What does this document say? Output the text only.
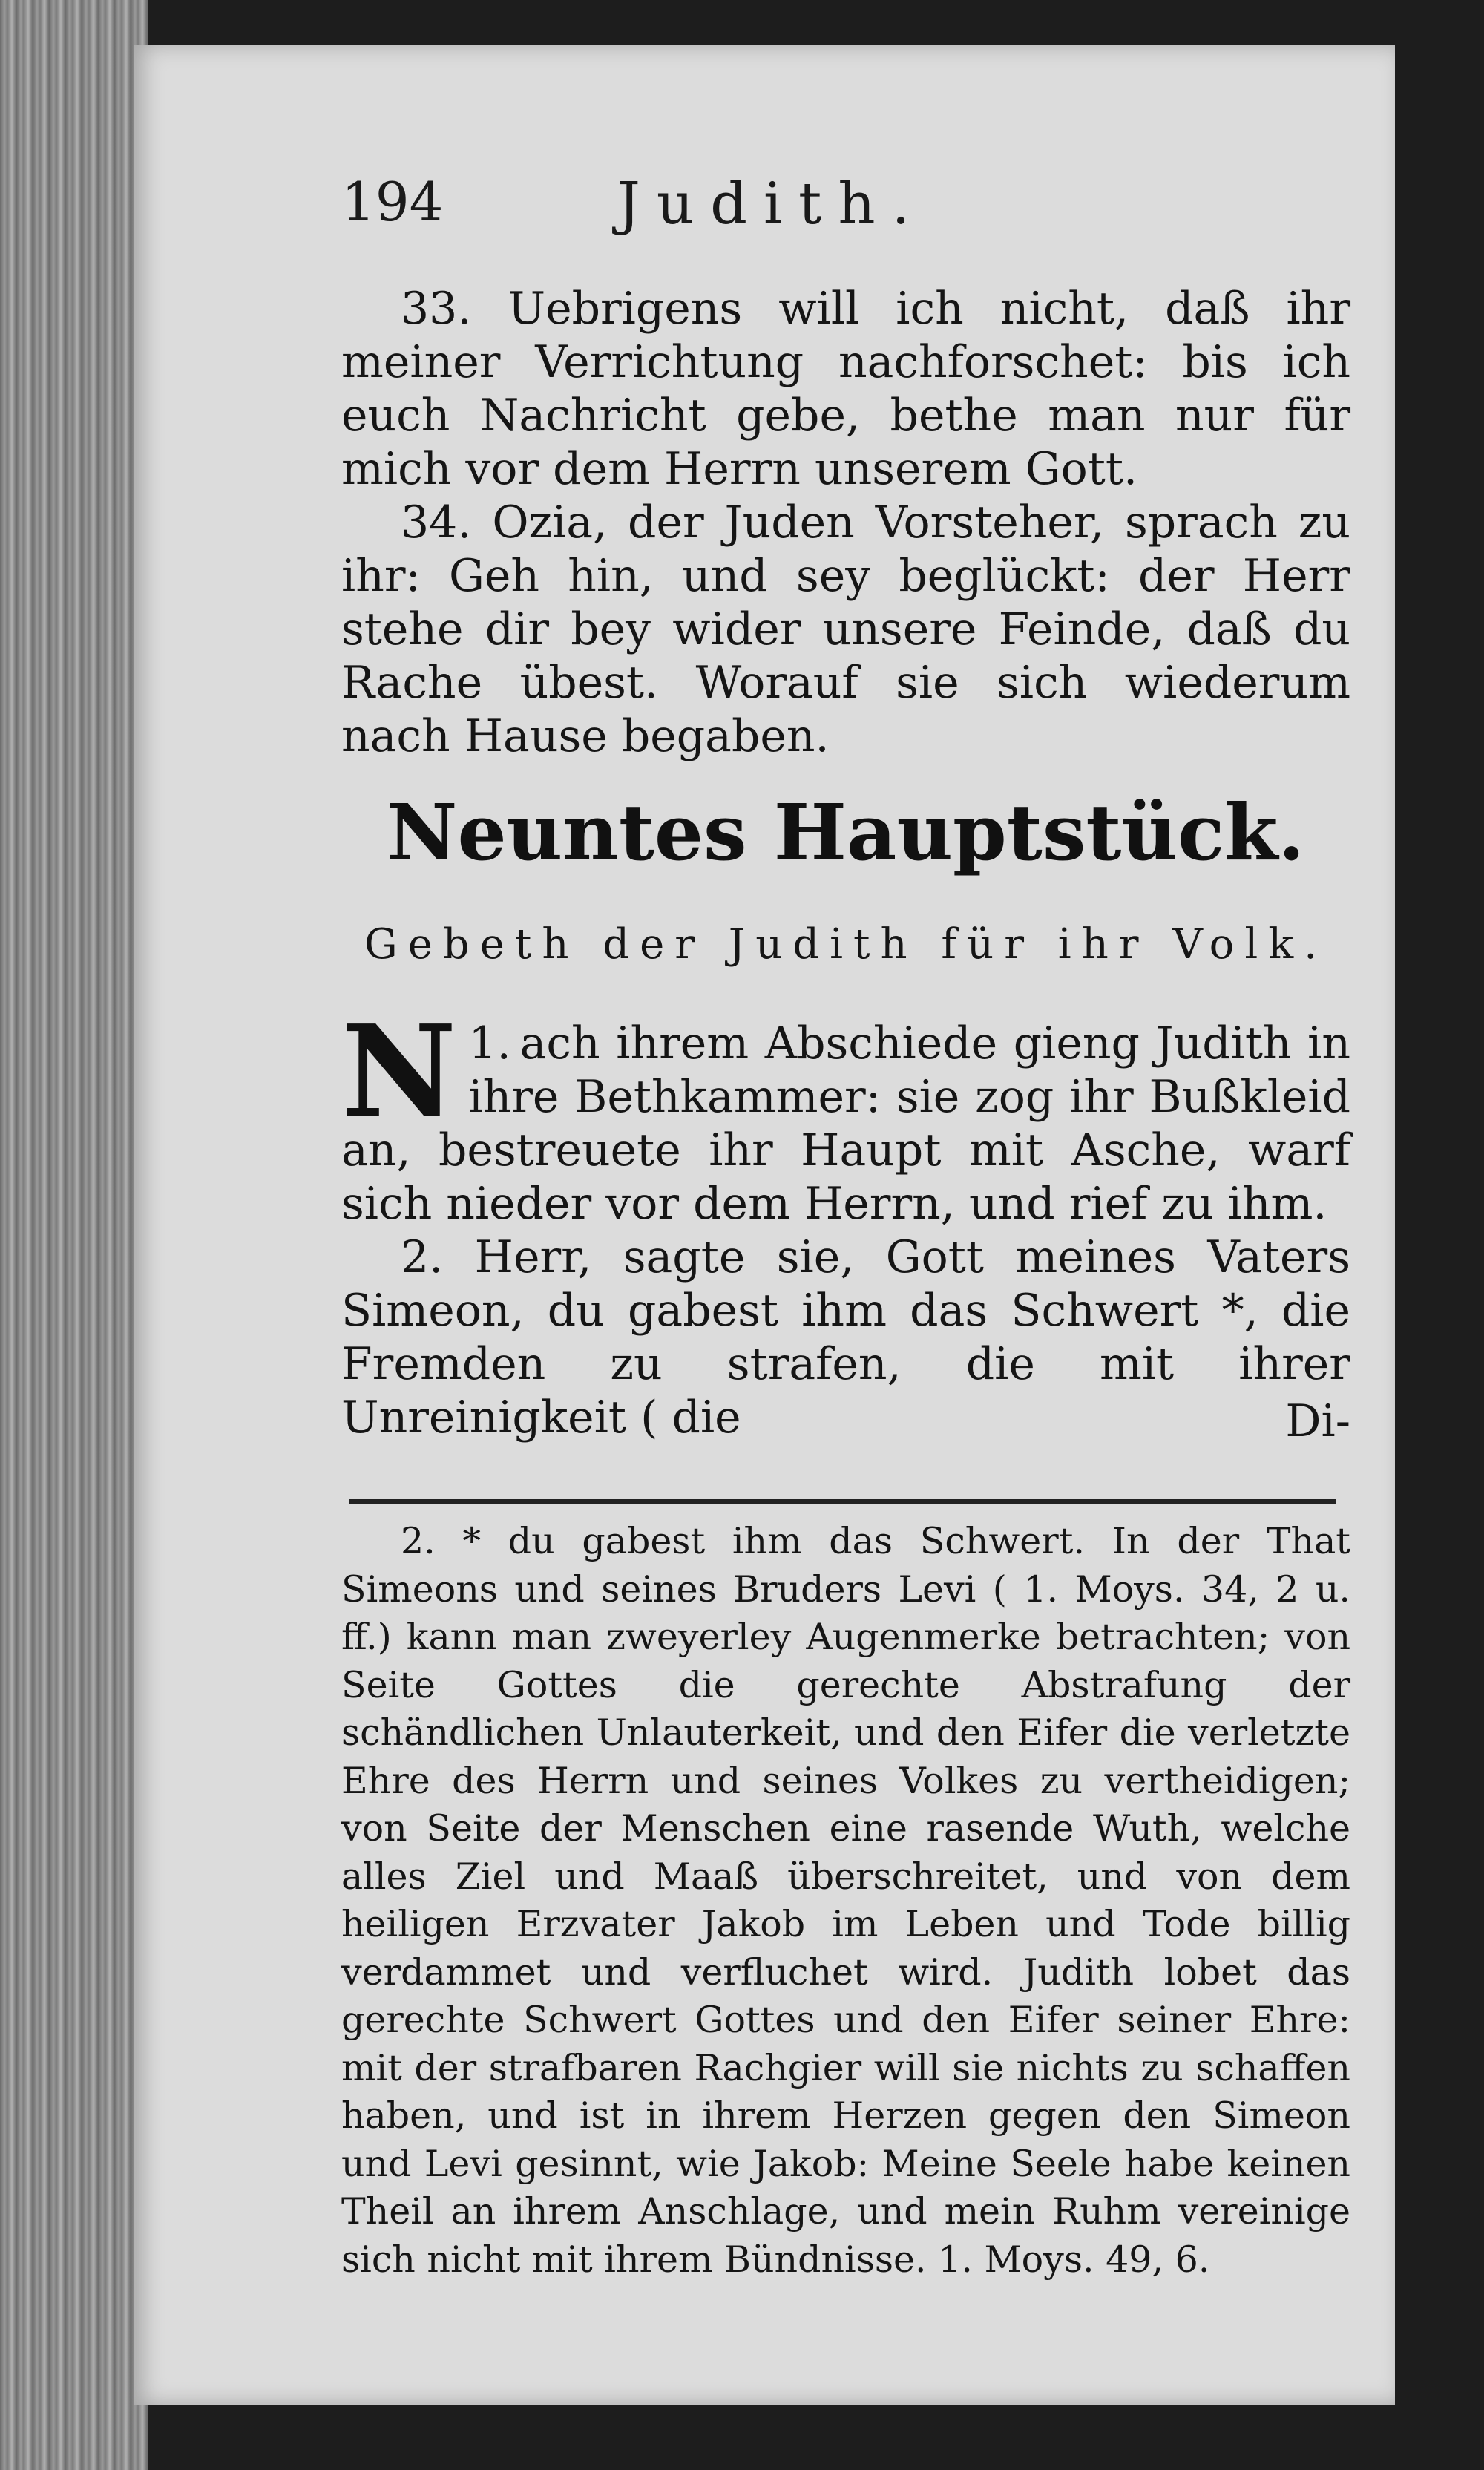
194	Judith.

33. Uebrigens will ich nicht, daß ihr meiner Verrichtung nachforschet: bis ich euch Nachricht gebe, bethe man nur für mich vor dem Herrn unserem Gott.

34. Ozia, der Juden Vorsteher, sprach zu ihr: Geh hin, und sey beglückt: der Herr stehe dir bey wider unsere Feinde, daß du Rache übest. Worauf sie sich wiederum nach Hause begaben.

Neuntes Hauptstück.
Gebeth der Judith für ihr Volk.

1.
N ach ihrem Abschiede gieng Judith in ihre Bethkammer: sie zog ihr Bußkleid an, bestreuete ihr Haupt mit Asche, warf sich nieder vor dem Herrn, und rief zu ihm.

2. Herr, sagte sie, Gott meines Vaters Simeon, du gabest ihm das Schwert *, die Fremden zu strafen, die mit ihrer Unreinigkeit ( die	Di-

2. * du gabest ihm das Schwert. In der That Simeons und seines Bruders Levi ( 1. Moys. 34, 2 u. ff.) kann man zweyerley Augenmerke betrachten; von Seite Gottes die gerechte Abstrafung der schändlichen Unlauterkeit, und den Eifer die verletzte Ehre des Herrn und seines Volkes zu vertheidigen; von Seite der Menschen eine rasende Wuth, welche alles Ziel und Maaß überschreitet, und von dem heiligen Erzvater Jakob im Leben und Tode billig verdammet und verfluchet wird. Judith lobet das gerechte Schwert Gottes und den Eifer seiner Ehre: mit der strafbaren Rachgier will sie nichts zu schaffen haben, und ist in ihrem Herzen gegen den Simeon und Levi gesinnt, wie Jakob: Meine Seele habe keinen Theil an ihrem Anschlage, und mein Ruhm vereinige sich nicht mit ihrem Bündnisse. 1. Moys. 49, 6.
